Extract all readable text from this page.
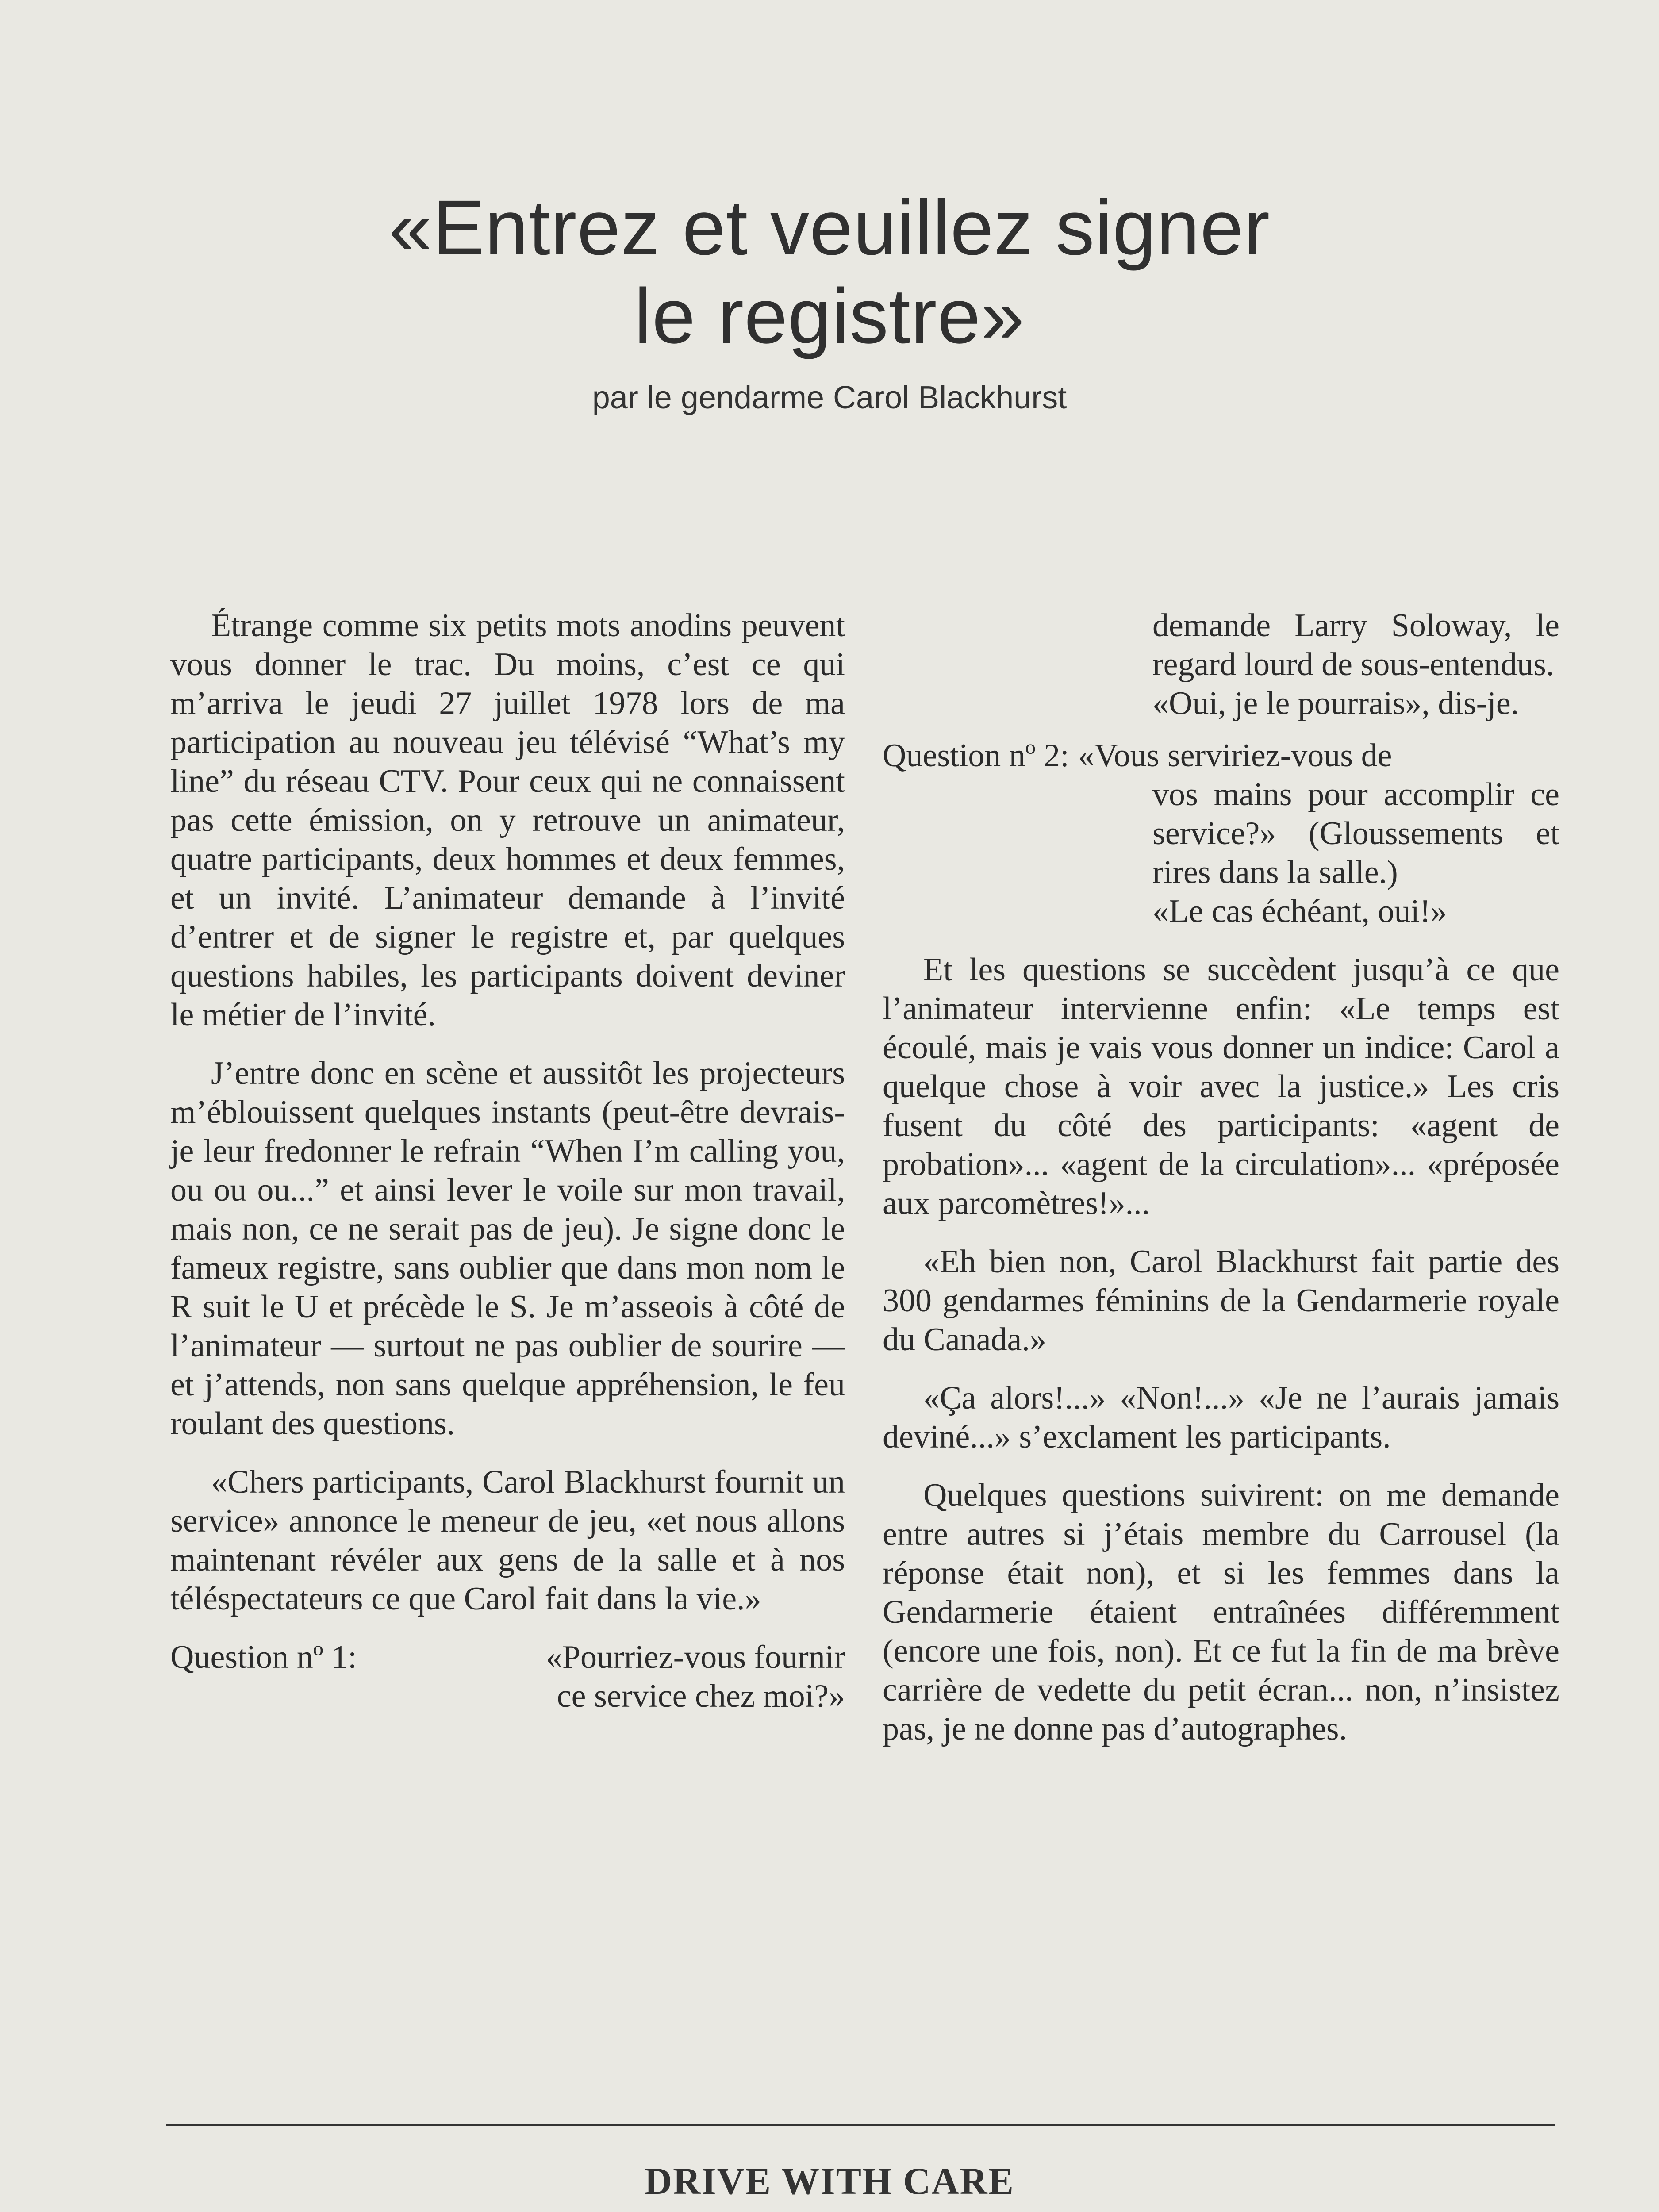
«Entrez et veuillez signer
le registre»
par le gendarme Carol Blackhurst

Étrange comme six petits mots anodins peuvent vous donner le trac. Du moins, c’est ce qui m’arriva le jeudi 27 juillet 1978 lors de ma participation au nouveau jeu télévisé “What’s my line” du réseau CTV. Pour ceux qui ne connaissent pas cette émission, on y retrouve un animateur, quatre participants, deux hommes et deux femmes, et un invité. L’animateur demande à l’invité d’entrer et de signer le registre et, par quelques questions habiles, les participants doivent deviner le métier de l’invité.

J’entre donc en scène et aussitôt les projecteurs m’éblouissent quelques instants (peut-être devrais-je leur fredonner le refrain “When I’m calling you, ou ou ou...” et ainsi lever le voile sur mon travail, mais non, ce ne serait pas de jeu). Je signe donc le fameux registre, sans oublier que dans mon nom le R suit le U et précède le S. Je m’asseois à côté de l’animateur — surtout ne pas oublier de sourire — et j’attends, non sans quelque appréhension, le feu roulant des questions.

«Chers participants, Carol Blackhurst fournit un service» annonce le meneur de jeu, «et nous allons maintenant révéler aux gens de la salle et à nos téléspectateurs ce que Carol fait dans la vie.»

Question nº 1:	«Pourriez-vous fournir
ce service chez moi?»
demande Larry Soloway, le regard lourd de sous-entendus.
«Oui, je le pourrais», dis-je.
Question nº 2: «Vous serviriez-vous de
vos mains pour accomplir ce service?» (Gloussements et rires dans la salle.)
«Le cas échéant, oui!»

Et les questions se succèdent jusqu’à ce que l’animateur intervienne enfin: «Le temps est écoulé, mais je vais vous donner un indice: Carol a quelque chose à voir avec la justice.» Les cris fusent du côté des participants: «agent de probation»... «agent de la circulation»... «préposée aux parcomètres!»...

«Eh bien non, Carol Blackhurst fait partie des 300 gendarmes féminins de la Gendarmerie royale du Canada.»

«Ça alors!...» «Non!...» «Je ne l’aurais jamais deviné...» s’exclament les participants.

Quelques questions suivirent: on me demande entre autres si j’étais membre du Carrousel (la réponse était non), et si les femmes dans la Gendarmerie étaient entraînées différemment (encore une fois, non). Et ce fut la fin de ma brève carrière de vedette du petit écran... non, n’insistez pas, je ne donne pas d’autographes.

DRIVE WITH CARE
